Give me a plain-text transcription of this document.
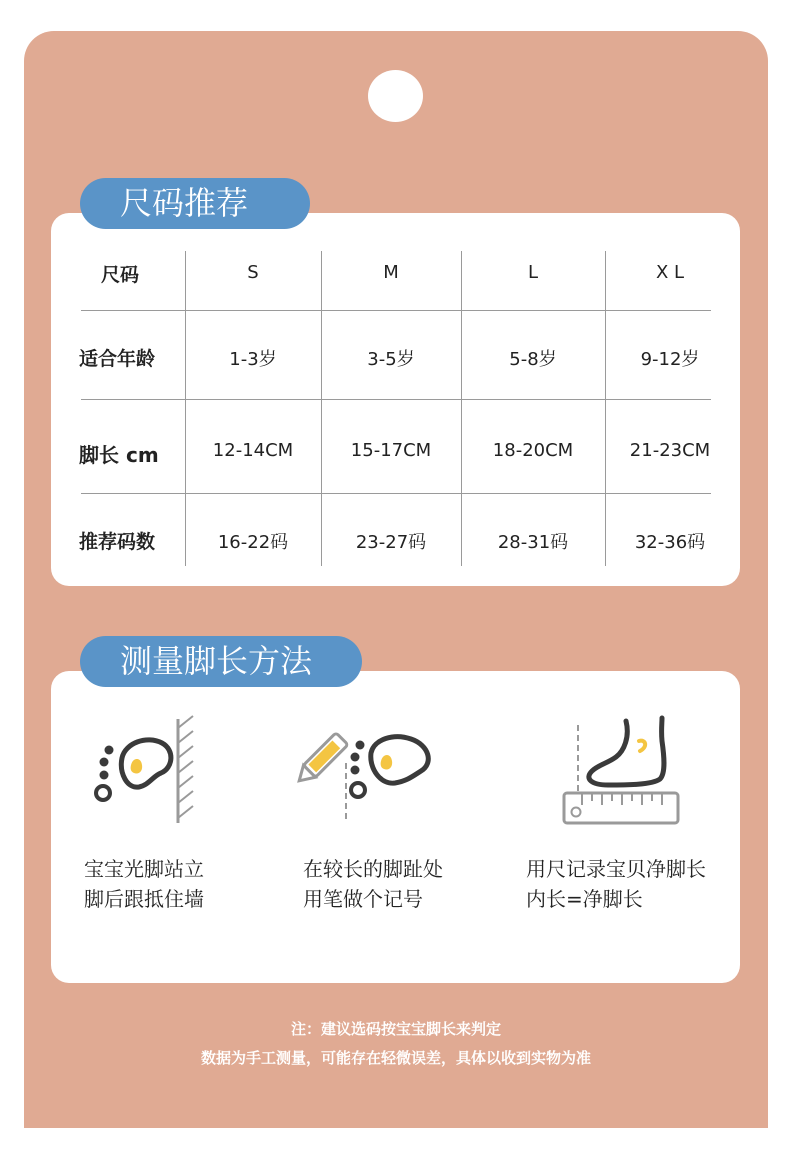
尺码推荐
尺码	S	M	L	X L
适合年龄	1-3岁	3-5岁	5-8岁	9-12岁
脚长 cm	12-14CM	15-17CM	18-20CM	21-23CM
推荐码数	16-22码	23-27码	28-31码	32-36码
测量脚长方法
宝宝光脚站立
脚后跟抵住墙
在较长的脚趾处
用笔做个记号
用尺记录宝贝净脚长
内长=净脚长
注：建议选码按宝宝脚长来判定
数据为手工测量，可能存在轻微误差，具体以收到实物为准
